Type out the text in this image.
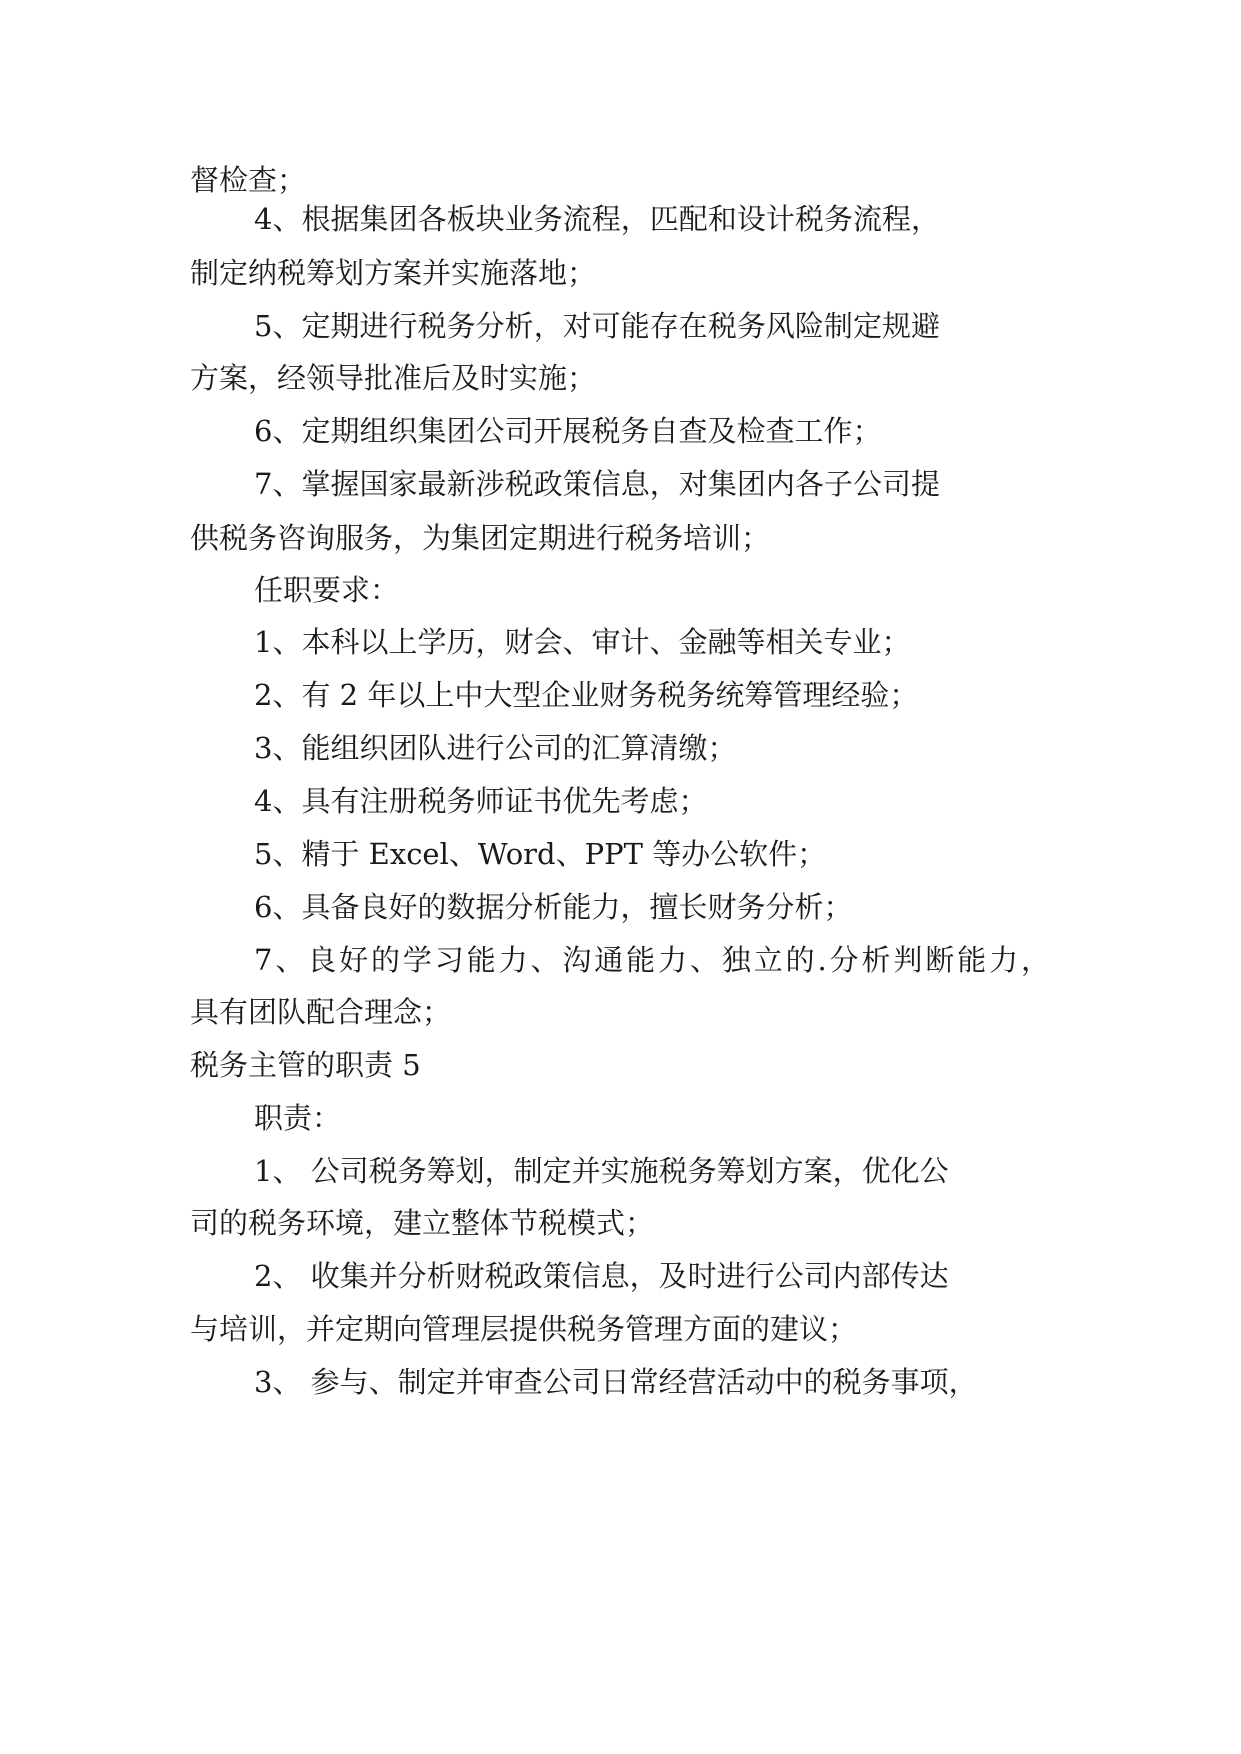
督检查；
4、根据集团各板块业务流程，匹配和设计税务流程，
制定纳税筹划方案并实施落地；
5、定期进行税务分析，对可能存在税务风险制定规避
方案，经领导批准后及时实施；
6、定期组织集团公司开展税务自查及检查工作；
7、掌握国家最新涉税政策信息，对集团内各子公司提
供税务咨询服务，为集团定期进行税务培训；
任职要求：
1、本科以上学历，财会、审计、金融等相关专业；
2、有 2 年以上中大型企业财务税务统筹管理经验；
3、能组织团队进行公司的汇算清缴；
4、具有注册税务师证书优先考虑；
5、精于 Excel、Word、PPT 等办公软件；
6、具备良好的数据分析能力，擅长财务分析；
7、良好的学习能力、沟通能力、独立的.分析判断能力，
具有团队配合理念；
税务主管的职责 5
职责：
1、 公司税务筹划，制定并实施税务筹划方案，优化公
司的税务环境，建立整体节税模式；
2、 收集并分析财税政策信息，及时进行公司内部传达
与培训，并定期向管理层提供税务管理方面的建议；
3、 参与、制定并审查公司日常经营活动中的税务事项，
